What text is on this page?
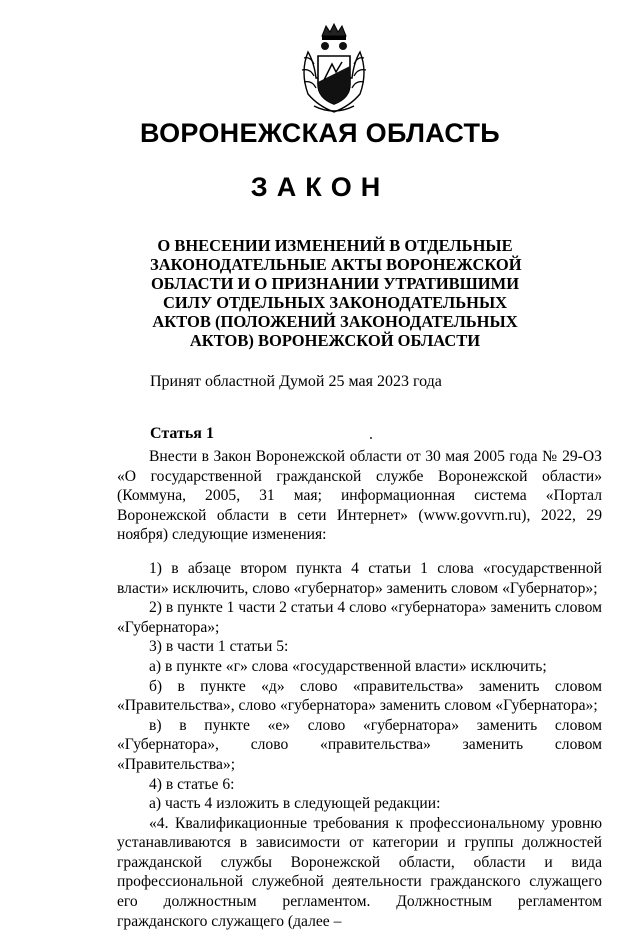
ВОРОНЕЖСКАЯ ОБЛАСТЬ
ЗАКОН
О ВНЕСЕНИИ ИЗМЕНЕНИЙ В ОТДЕЛЬНЫЕ
ЗАКОНОДАТЕЛЬНЫЕ АКТЫ ВОРОНЕЖСКОЙ
ОБЛАСТИ И О ПРИЗНАНИИ УТРАТИВШИМИ
СИЛУ ОТДЕЛЬНЫХ ЗАКОНОДАТЕЛЬНЫХ
АКТОВ (ПОЛОЖЕНИЙ ЗАКОНОДАТЕЛЬНЫХ
АКТОВ) ВОРОНЕЖСКОЙ ОБЛАСТИ
Принят областной Думой 25 мая 2023 года
Статья 1

Внести в Закон Воронежской области от 30 мая 2005 года № 29-ОЗ «О государственной гражданской службе Воронежской области» (Коммуна, 2005, 31 мая; информационная система «Портал Воронежской области в сети Интернет» (www.govvrn.ru), 2022, 29 ноября) следующие изменения:

1) в абзаце втором пункта 4 статьи 1 слова «государственной власти» исключить, слово «губернатор» заменить словом «Губернатор»;

2) в пункте 1 части 2 статьи 4 слово «губернатора» заменить словом «Губернатора»;

3) в части 1 статьи 5:

а) в пункте «г» слова «государственной власти» исключить;

б) в пункте «д» слово «правительства» заменить словом «Правительства», слово «губернатора» заменить словом «Губернатора»;

в) в пункте «е» слово «губернатора» заменить словом «Губернатора», слово «правительства» заменить словом «Правительства»;

4) в статье 6:

а) часть 4 изложить в следующей редакции:

«4. Квалификационные требования к профессиональному уровню устанавливаются в зависимости от категории и группы должностей гражданской службы Воронежской области, области и вида профессиональной служебной деятельности гражданского служащего его должностным регламентом. Должностным регламентом гражданского служащего (далее –
